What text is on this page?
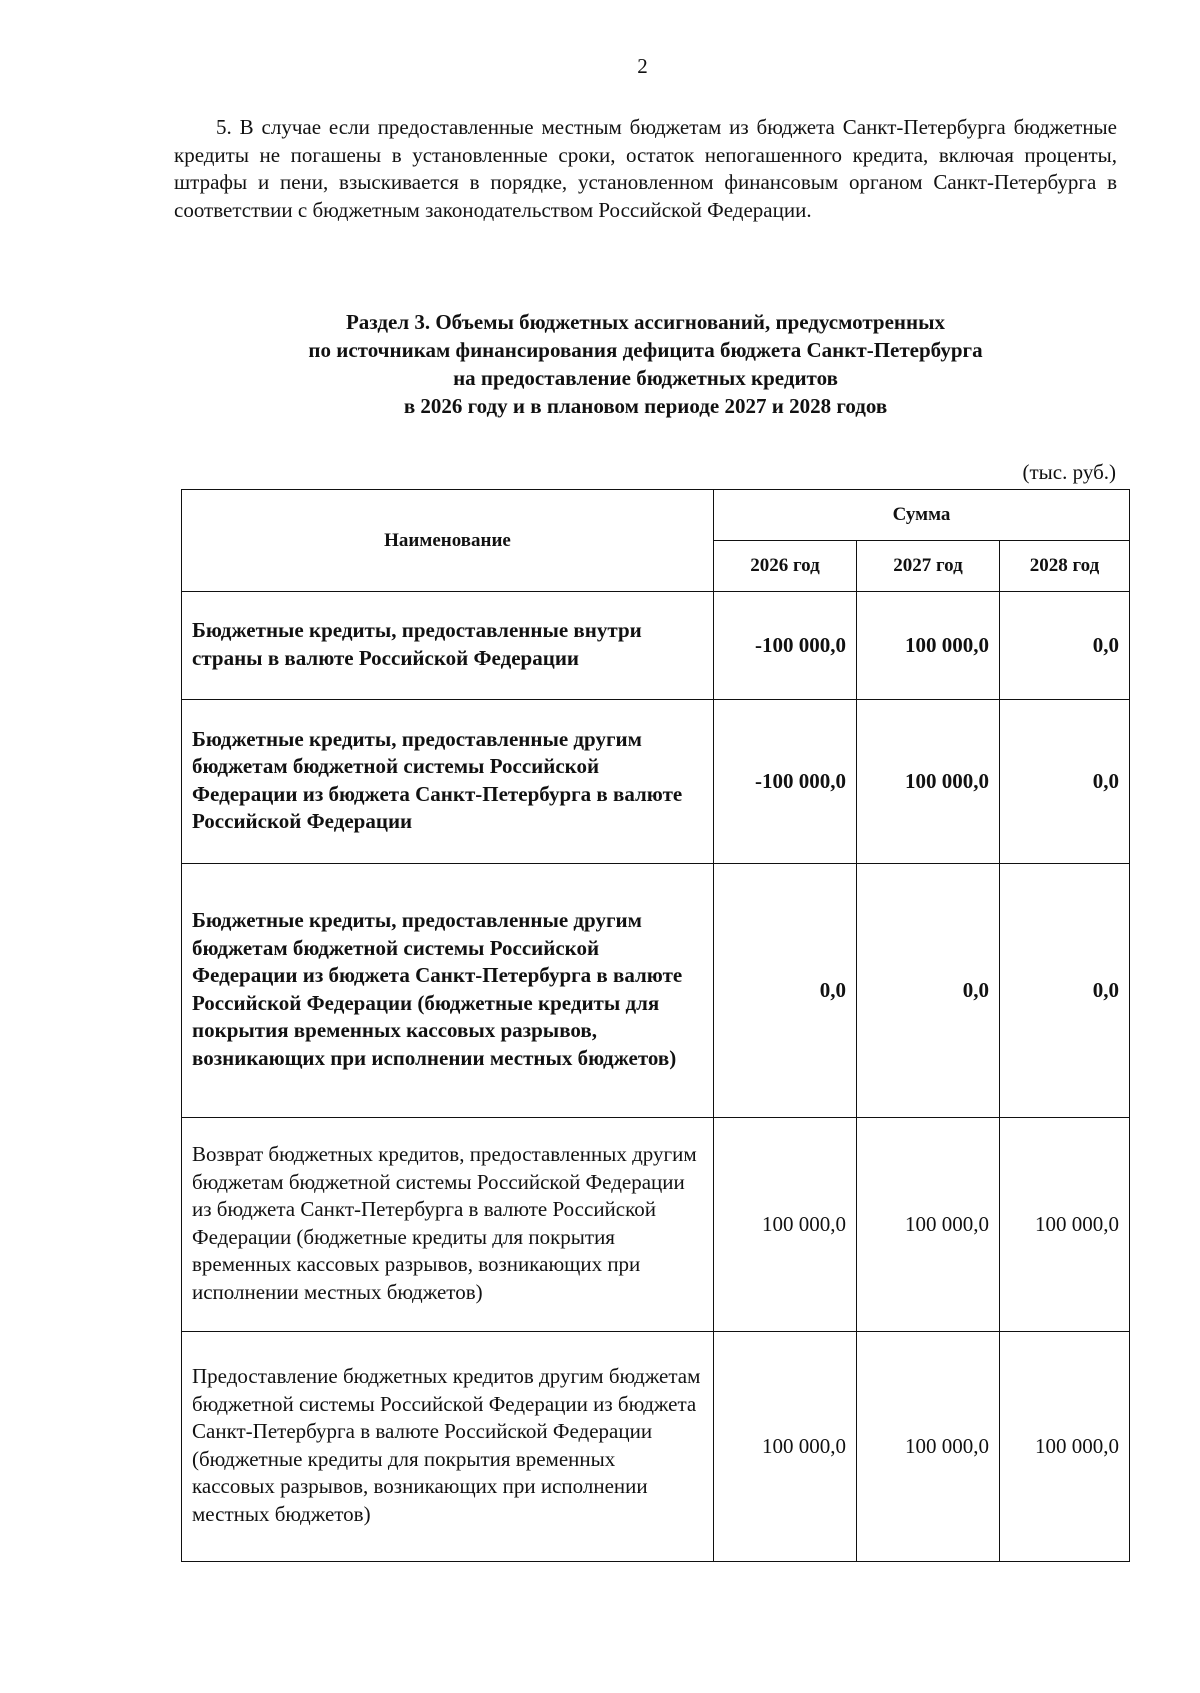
2

5. В случае если предоставленные местным бюджетам из бюджета Санкт-Петербурга бюджетные кредиты не погашены в установленные сроки, остаток непогашенного кредита, включая проценты, штрафы и пени, взыскивается в порядке, установленном финансовым органом Санкт-Петербурга в соответствии с бюджетным законодательством Российской Федерации.

Раздел 3. Объемы бюджетных ассигнований, предусмотренных
по источникам финансирования дефицита бюджета Санкт-Петербурга
на предоставление бюджетных кредитов
в 2026 году и в плановом периоде 2027 и 2028 годов
(тыс. руб.)
Наименование	Сумма		
	2026 год	2027 год	2028 год
Бюджетные кредиты, предоставленные внутри страны в валюте Российской Федерации	-100 000,0	100 000,0	0,0
Бюджетные кредиты, предоставленные другим бюджетам бюджетной системы Российской Федерации из бюджета Санкт-Петербурга в валюте Российской Федерации	-100 000,0	100 000,0	0,0
Бюджетные кредиты, предоставленные другим бюджетам бюджетной системы Российской Федерации из бюджета Санкт-Петербурга в валюте Российской Федерации (бюджетные кредиты для покрытия временных кассовых разрывов, возникающих при исполнении местных бюджетов)	0,0	0,0	0,0
Возврат бюджетных кредитов, предоставленных другим бюджетам бюджетной системы Российской Федерации из бюджета Санкт-Петербурга в валюте Российской Федерации (бюджетные кредиты для покрытия временных кассовых разрывов, возникающих при исполнении местных бюджетов)	100 000,0	100 000,0	100 000,0
Предоставление бюджетных кредитов другим бюджетам бюджетной системы Российской Федерации из бюджета Санкт-Петербурга в валюте Российской Федерации (бюджетные кредиты для покрытия временных кассовых разрывов, возникающих при исполнении местных бюджетов)	100 000,0	100 000,0	100 000,0
